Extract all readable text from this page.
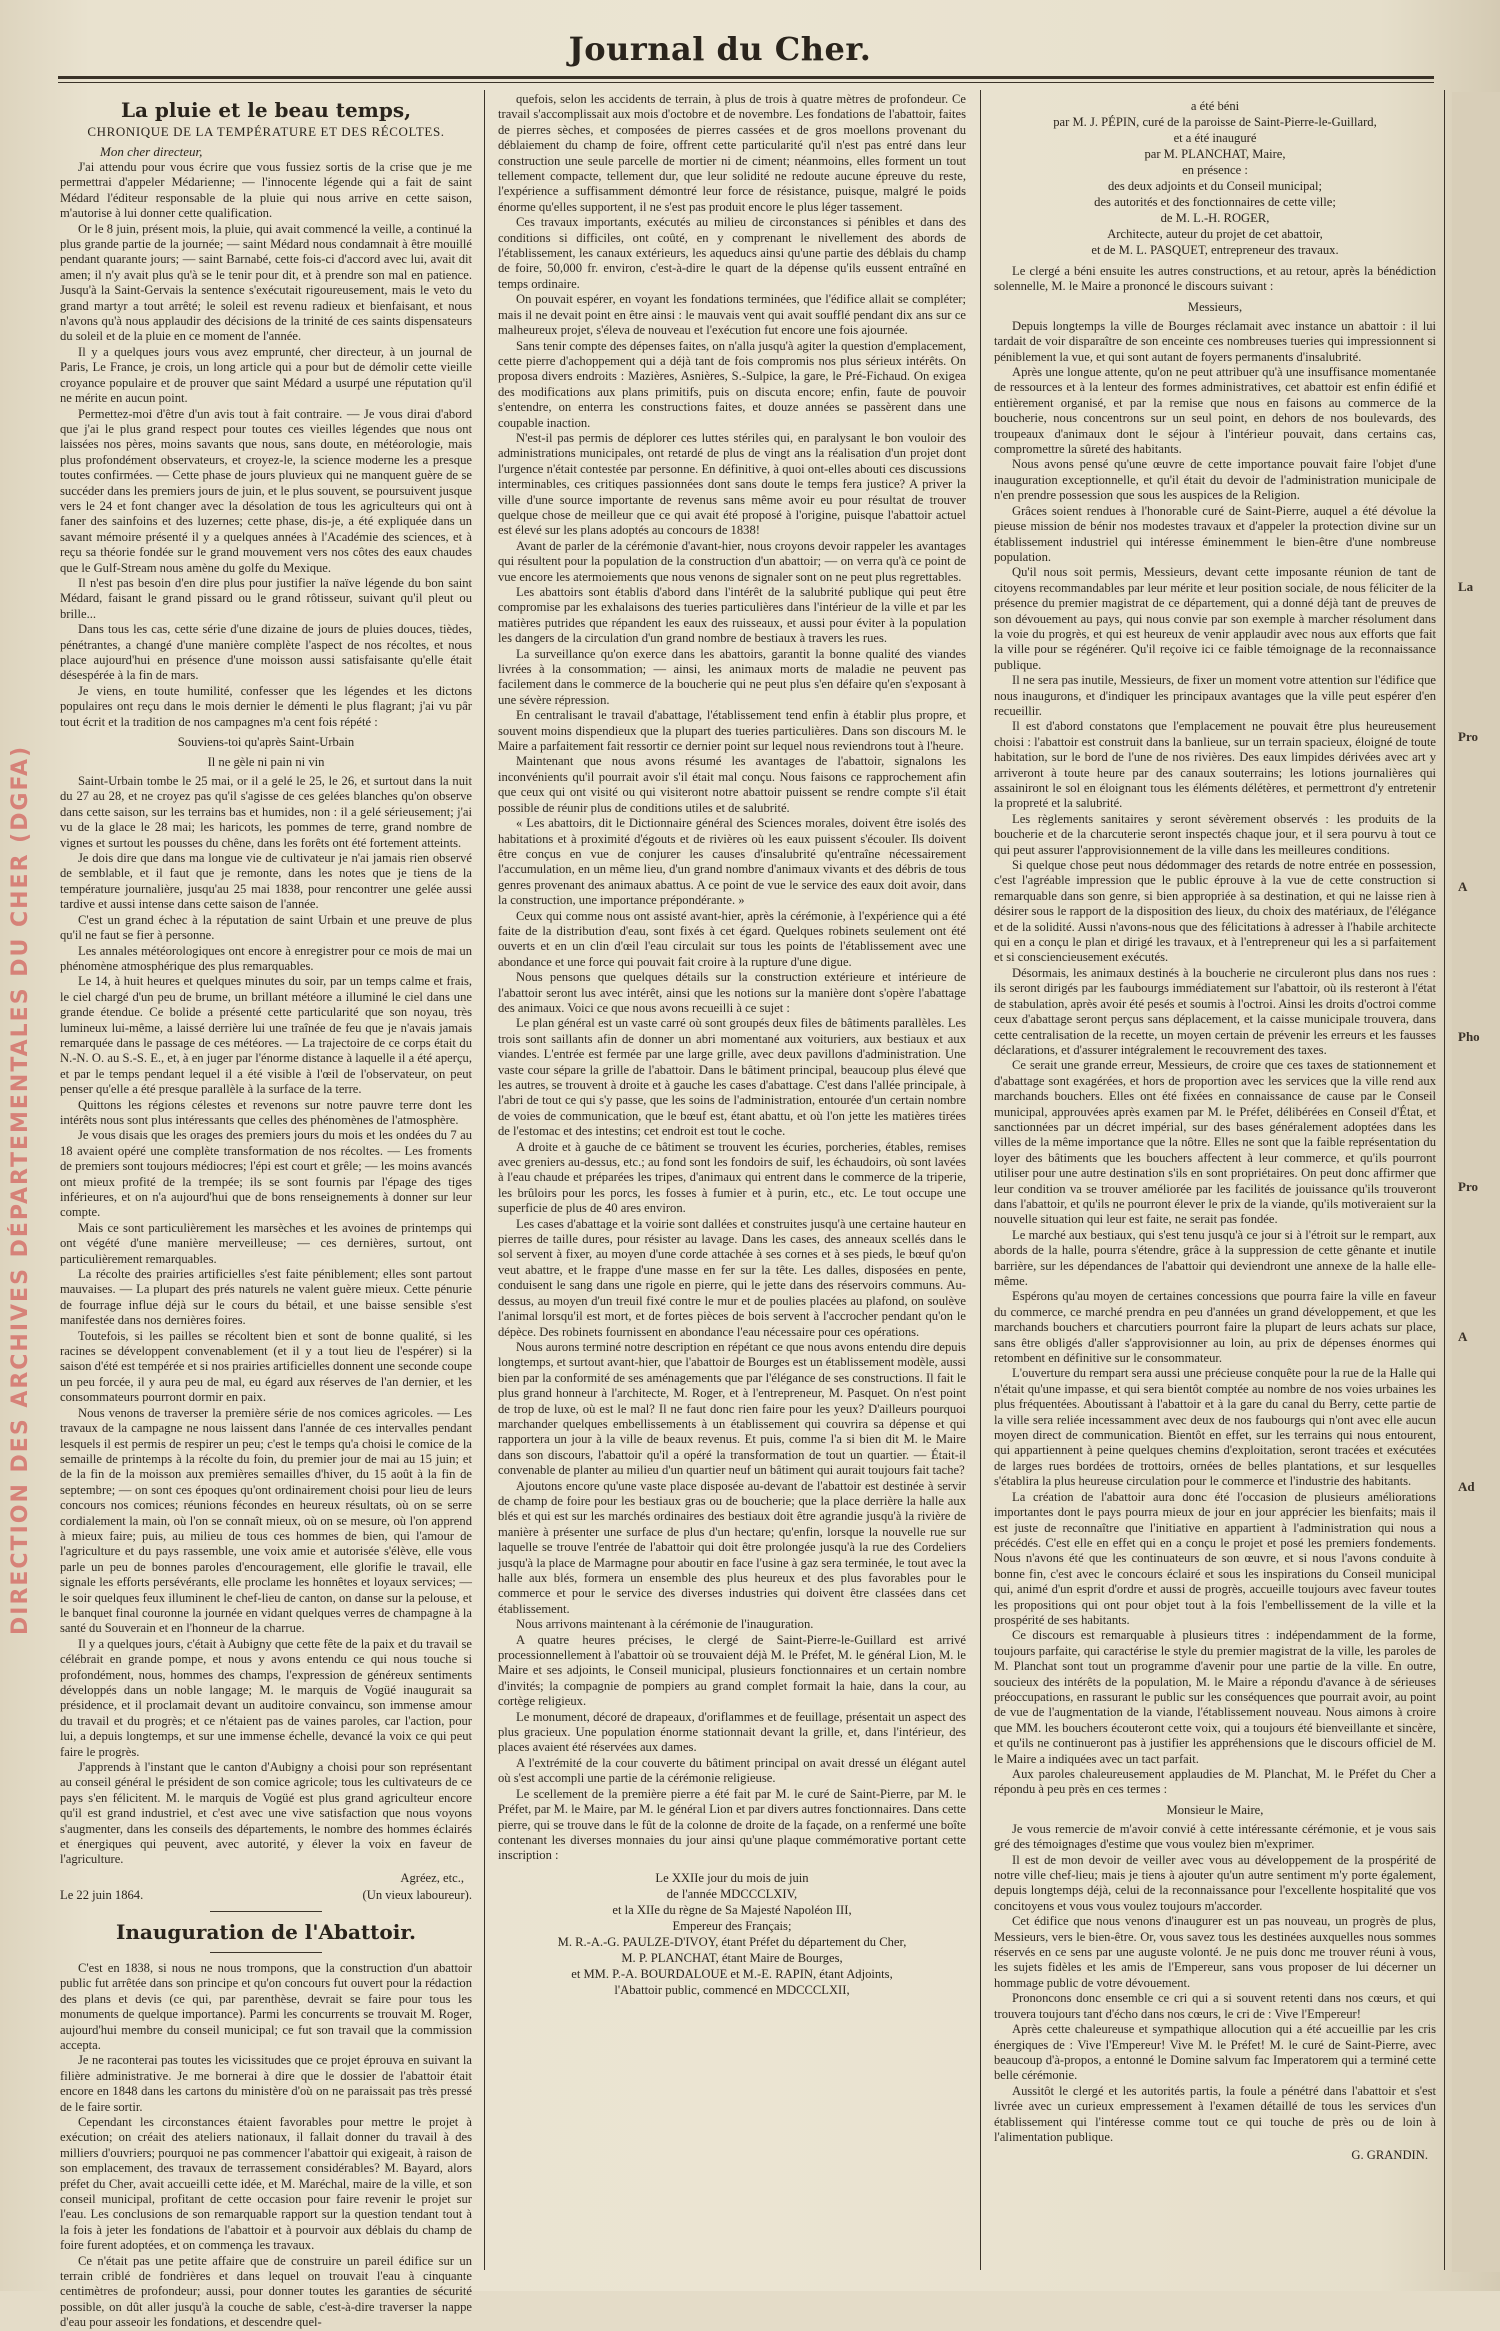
Journal du Cher.
DIRECTION DES ARCHIVES DÉPARTEMENTALES DU CHER (DGFA)
La pluie et le beau temps,
CHRONIQUE DE LA TEMPÉRATURE ET DES RÉCOLTES.
Mon cher directeur,

J'ai attendu pour vous écrire que vous fussiez sortis de la crise que je me permettrai d'appeler Médarienne; — l'innocente légende qui a fait de saint Médard l'éditeur responsable de la pluie qui nous arrive en cette saison, m'autorise à lui donner cette qualification.

Or le 8 juin, présent mois, la pluie, qui avait commencé la veille, a continué la plus grande partie de la journée; — saint Médard nous condamnait à être mouillé pendant quarante jours; — saint Barnabé, cette fois-ci d'accord avec lui, avait dit amen; il n'y avait plus qu'à se le tenir pour dit, et à prendre son mal en patience. Jusqu'à la Saint-Gervais la sentence s'exécutait rigoureusement, mais le veto du grand martyr a tout arrêté; le soleil est revenu radieux et bienfaisant, et nous n'avons qu'à nous applaudir des décisions de la trinité de ces saints dispensateurs du soleil et de la pluie en ce moment de l'année.

Il y a quelques jours vous avez emprunté, cher directeur, à un journal de Paris, Le France, je crois, un long article qui a pour but de démolir cette vieille croyance populaire et de prouver que saint Médard a usurpé une réputation qu'il ne mérite en aucun point.

Permettez-moi d'être d'un avis tout à fait contraire. — Je vous dirai d'abord que j'ai le plus grand respect pour toutes ces vieilles légendes que nous ont laissées nos pères, moins savants que nous, sans doute, en météorologie, mais plus profondément observateurs, et croyez-le, la science moderne les a presque toutes confirmées. — Cette phase de jours pluvieux qui ne manquent guère de se succéder dans les premiers jours de juin, et le plus souvent, se poursuivent jusque vers le 24 et font changer avec la désolation de tous les agriculteurs qui ont à faner des sainfoins et des luzernes; cette phase, dis-je, a été expliquée dans un savant mémoire présenté il y a quelques années à l'Académie des sciences, et à reçu sa théorie fondée sur le grand mouvement vers nos côtes des eaux chaudes que le Gulf-Stream nous amène du golfe du Mexique.

Il n'est pas besoin d'en dire plus pour justifier la naïve légende du bon saint Médard, faisant le grand pissard ou le grand rôtisseur, suivant qu'il pleut ou brille...

Dans tous les cas, cette série d'une dizaine de jours de pluies douces, tièdes, pénétrantes, a changé d'une manière complète l'aspect de nos récoltes, et nous place aujourd'hui en présence d'une moisson aussi satisfaisante qu'elle était désespérée à la fin de mars.

Je viens, en toute humilité, confesser que les légendes et les dictons populaires ont reçu dans le mois dernier le démenti le plus flagrant; j'ai vu pâr tout écrit et la tradition de nos campagnes m'a cent fois répété :

Souviens-toi qu'après Saint-Urbain
Il ne gèle ni pain ni vin

Saint-Urbain tombe le 25 mai, or il a gelé le 25, le 26, et surtout dans la nuit du 27 au 28, et ne croyez pas qu'il s'agisse de ces gelées blanches qu'on observe dans cette saison, sur les terrains bas et humides, non : il a gelé sérieusement; j'ai vu de la glace le 28 mai; les haricots, les pommes de terre, grand nombre de vignes et surtout les pousses du chêne, dans les forêts ont été fortement atteints.

Je dois dire que dans ma longue vie de cultivateur je n'ai jamais rien observé de semblable, et il faut que je remonte, dans les notes que je tiens de la température journalière, jusqu'au 25 mai 1838, pour rencontrer une gelée aussi tardive et aussi intense dans cette saison de l'année.

C'est un grand échec à la réputation de saint Urbain et une preuve de plus qu'il ne faut se fier à personne.

Les annales météorologiques ont encore à enregistrer pour ce mois de mai un phénomène atmosphérique des plus remarquables.

Le 14, à huit heures et quelques minutes du soir, par un temps calme et frais, le ciel chargé d'un peu de brume, un brillant météore a illuminé le ciel dans une grande étendue. Ce bolide a présenté cette particularité que son noyau, très lumineux lui-même, a laissé derrière lui une traînée de feu que je n'avais jamais remarquée dans le passage de ces météores. — La trajectoire de ce corps était du N.-N. O. au S.-S. E., et, à en juger par l'énorme distance à laquelle il a été aperçu, et par le temps pendant lequel il a été visible à l'œil de l'observateur, on peut penser qu'elle a été presque parallèle à la surface de la terre.

Quittons les régions célestes et revenons sur notre pauvre terre dont les intérêts nous sont plus intéressants que celles des phénomènes de l'atmosphère.

Je vous disais que les orages des premiers jours du mois et les ondées du 7 au 18 avaient opéré une complète transformation de nos récoltes. — Les froments de premiers sont toujours médiocres; l'épi est court et grêle; — les moins avancés ont mieux profité de la trempée; ils se sont fournis par l'épage des tiges inférieures, et on n'a aujourd'hui que de bons renseignements à donner sur leur compte.

Mais ce sont particulièrement les marsèches et les avoines de printemps qui ont végété d'une manière merveilleuse; — ces dernières, surtout, ont particulièrement remarquables.

La récolte des prairies artificielles s'est faite péniblement; elles sont partout mauvaises. — La plupart des prés naturels ne valent guère mieux. Cette pénurie de fourrage influe déjà sur le cours du bétail, et une baisse sensible s'est manifestée dans nos dernières foires.

Toutefois, si les pailles se récoltent bien et sont de bonne qualité, si les racines se développent convenablement (et il y a tout lieu de l'espérer) si la saison d'été est tempérée et si nos prairies artificielles donnent une seconde coupe un peu forcée, il y aura peu de mal, eu égard aux réserves de l'an dernier, et les consommateurs pourront dormir en paix.

Nous venons de traverser la première série de nos comices agricoles. — Les travaux de la campagne ne nous laissent dans l'année de ces intervalles pendant lesquels il est permis de respirer un peu; c'est le temps qu'a choisi le comice de la semaille de printemps à la récolte du foin, du premier jour de mai au 15 juin; et de la fin de la moisson aux premières semailles d'hiver, du 15 août à la fin de septembre; — on sont ces époques qu'ont ordinairement choisi pour lieu de leurs concours nos comices; réunions fécondes en heureux résultats, où on se serre cordialement la main, où l'on se connaît mieux, où on se mesure, où l'on apprend à mieux faire; puis, au milieu de tous ces hommes de bien, qui l'amour de l'agriculture et du pays rassemble, une voix amie et autorisée s'élève, elle vous parle un peu de bonnes paroles d'encouragement, elle glorifie le travail, elle signale les efforts persévérants, elle proclame les honnêtes et loyaux services; — le soir quelques feux illuminent le chef-lieu de canton, on danse sur la pelouse, et le banquet final couronne la journée en vidant quelques verres de champagne à la santé du Souverain et en l'honneur de la charrue.

Il y a quelques jours, c'était à Aubigny que cette fête de la paix et du travail se célébrait en grande pompe, et nous y avons entendu ce qui nous touche si profondément, nous, hommes des champs, l'expression de généreux sentiments développés dans un noble langage; M. le marquis de Vogüé inaugurait sa présidence, et il proclamait devant un auditoire convaincu, son immense amour du travail et du progrès; et ce n'étaient pas de vaines paroles, car l'action, pour lui, a depuis longtemps, et sur une immense échelle, devancé la voix ce qui peut faire le progrès.

J'apprends à l'instant que le canton d'Aubigny a choisi pour son représentant au conseil général le président de son comice agricole; tous les cultivateurs de ce pays s'en félicitent. M. le marquis de Vogüé est plus grand agriculteur encore qu'il est grand industriel, et c'est avec une vive satisfaction que nous voyons s'augmenter, dans les conseils des départements, le nombre des hommes éclairés et énergiques qui peuvent, avec autorité, y élever la voix en faveur de l'agriculture.

Agréez, etc.,
Le 22 juin 1864.	(Un vieux laboureur).
Inauguration de l'Abattoir.

C'est en 1838, si nous ne nous trompons, que la construction d'un abattoir public fut arrêtée dans son principe et qu'on concours fut ouvert pour la rédaction des plans et devis (ce qui, par parenthèse, devrait se faire pour tous les monuments de quelque importance). Parmi les concurrents se trouvait M. Roger, aujourd'hui membre du conseil municipal; ce fut son travail que la commission accepta.

Je ne raconterai pas toutes les vicissitudes que ce projet éprouva en suivant la filière administrative. Je me bornerai à dire que le dossier de l'abattoir était encore en 1848 dans les cartons du ministère d'où on ne paraissait pas très pressé de le faire sortir.

Cependant les circonstances étaient favorables pour mettre le projet à exécution; on créait des ateliers nationaux, il fallait donner du travail à des milliers d'ouvriers; pourquoi ne pas commencer l'abattoir qui exigeait, à raison de son emplacement, des travaux de terrassement considérables? M. Bayard, alors préfet du Cher, avait accueilli cette idée, et M. Maréchal, maire de la ville, et son conseil municipal, profitant de cette occasion pour faire revenir le projet sur l'eau. Les conclusions de son remarquable rapport sur la question tendant tout à la fois à jeter les fondations de l'abattoir et à pourvoir aux déblais du champ de foire furent adoptées, et on commença les travaux.

Ce n'était pas une petite affaire que de construire un pareil édifice sur un terrain criblé de fondrières et dans lequel on trouvait l'eau à cinquante centimètres de profondeur; aussi, pour donner toutes les garanties de sécurité possible, on dût aller jusqu'à la couche de sable, c'est-à-dire traverser la nappe d'eau pour asseoir les fondations, et descendre quel-

quefois, selon les accidents de terrain, à plus de trois à quatre mètres de profondeur. Ce travail s'accomplissait aux mois d'octobre et de novembre. Les fondations de l'abattoir, faites de pierres sèches, et composées de pierres cassées et de gros moellons provenant du déblaiement du champ de foire, offrent cette particularité qu'il n'est pas entré dans leur construction une seule parcelle de mortier ni de ciment; néanmoins, elles forment un tout tellement compacte, tellement dur, que leur solidité ne redoute aucune épreuve du reste, l'expérience a suffisamment démontré leur force de résistance, puisque, malgré le poids énorme qu'elles supportent, il ne s'est pas produit encore le plus léger tassement.

Ces travaux importants, exécutés au milieu de circonstances si pénibles et dans des conditions si difficiles, ont coûté, en y comprenant le nivellement des abords de l'établissement, les canaux extérieurs, les aqueducs ainsi qu'une partie des déblais du champ de foire, 50,000 fr. environ, c'est-à-dire le quart de la dépense qu'ils eussent entraîné en temps ordinaire.

On pouvait espérer, en voyant les fondations terminées, que l'édifice allait se compléter; mais il ne devait point en être ainsi : le mauvais vent qui avait soufflé pendant dix ans sur ce malheureux projet, s'éleva de nouveau et l'exécution fut encore une fois ajournée.

Sans tenir compte des dépenses faites, on n'alla jusqu'à agiter la question d'emplacement, cette pierre d'achoppement qui a déjà tant de fois compromis nos plus sérieux intérêts. On proposa divers endroits : Mazières, Asnières, S.-Sulpice, la gare, le Pré-Fichaud. On exigea des modifications aux plans primitifs, puis on discuta encore; enfin, faute de pouvoir s'entendre, on enterra les constructions faites, et douze années se passèrent dans une coupable inaction.

N'est-il pas permis de déplorer ces luttes stériles qui, en paralysant le bon vouloir des administrations municipales, ont retardé de plus de vingt ans la réalisation d'un projet dont l'urgence n'était contestée par personne. En définitive, à quoi ont-elles abouti ces discussions interminables, ces critiques passionnées dont sans doute le temps fera justice? A priver la ville d'une source importante de revenus sans même avoir eu pour résultat de trouver quelque chose de meilleur que ce qui avait été proposé à l'origine, puisque l'abattoir actuel est élevé sur les plans adoptés au concours de 1838!

Avant de parler de la cérémonie d'avant-hier, nous croyons devoir rappeler les avantages qui résultent pour la population de la construction d'un abattoir; — on verra qu'à ce point de vue encore les atermoiements que nous venons de signaler sont on ne peut plus regrettables.

Les abattoirs sont établis d'abord dans l'intérêt de la salubrité publique qui peut être compromise par les exhalaisons des tueries particulières dans l'intérieur de la ville et par les matières putrides que répandent les eaux des ruisseaux, et aussi pour éviter à la population les dangers de la circulation d'un grand nombre de bestiaux à travers les rues.

La surveillance qu'on exerce dans les abattoirs, garantit la bonne qualité des viandes livrées à la consommation; — ainsi, les animaux morts de maladie ne peuvent pas facilement dans le commerce de la boucherie qui ne peut plus s'en défaire qu'en s'exposant à une sévère répression.

En centralisant le travail d'abattage, l'établissement tend enfin à établir plus propre, et souvent moins dispendieux que la plupart des tueries particulières. Dans son discours M. le Maire a parfaitement fait ressortir ce dernier point sur lequel nous reviendrons tout à l'heure.

Maintenant que nous avons résumé les avantages de l'abattoir, signalons les inconvénients qu'il pourrait avoir s'il était mal conçu. Nous faisons ce rapprochement afin que ceux qui ont visité ou qui visiteront notre abattoir puissent se rendre compte s'il était possible de réunir plus de conditions utiles et de salubrité.

« Les abattoirs, dit le Dictionnaire général des Sciences morales, doivent être isolés des habitations et à proximité d'égouts et de rivières où les eaux puissent s'écouler. Ils doivent être conçus en vue de conjurer les causes d'insalubrité qu'entraîne nécessairement l'accumulation, en un même lieu, d'un grand nombre d'animaux vivants et des débris de tous genres provenant des animaux abattus. A ce point de vue le service des eaux doit avoir, dans la construction, une importance prépondérante. »

Ceux qui comme nous ont assisté avant-hier, après la cérémonie, à l'expérience qui a été faite de la distribution d'eau, sont fixés à cet égard. Quelques robinets seulement ont été ouverts et en un clin d'œil l'eau circulait sur tous les points de l'établissement avec une abondance et une force qui pouvait fait croire à la rupture d'une digue.

Nous pensons que quelques détails sur la construction extérieure et intérieure de l'abattoir seront lus avec intérêt, ainsi que les notions sur la manière dont s'opère l'abattage des animaux. Voici ce que nous avons recueilli à ce sujet :

Le plan général est un vaste carré où sont groupés deux files de bâtiments parallèles. Les trois sont saillants afin de donner un abri momentané aux voituriers, aux bestiaux et aux viandes. L'entrée est fermée par une large grille, avec deux pavillons d'administration. Une vaste cour sépare la grille de l'abattoir. Dans le bâtiment principal, beaucoup plus élevé que les autres, se trouvent à droite et à gauche les cases d'abattage. C'est dans l'allée principale, à l'abri de tout ce qui s'y passe, que les soins de l'administration, entourée d'un certain nombre de voies de communication, que le bœuf est, étant abattu, et où l'on jette les matières tirées de l'estomac et des intestins; cet endroit est tout le coche.

A droite et à gauche de ce bâtiment se trouvent les écuries, porcheries, étables, remises avec greniers au-dessus, etc.; au fond sont les fondoirs de suif, les échaudoirs, où sont lavées à l'eau chaude et préparées les tripes, d'animaux qui entrent dans le commerce de la triperie, les brûloirs pour les porcs, les fosses à fumier et à purin, etc., etc. Le tout occupe une superficie de plus de 40 ares environ.

Les cases d'abattage et la voirie sont dallées et construites jusqu'à une certaine hauteur en pierres de taille dures, pour résister au lavage. Dans les cases, des anneaux scellés dans le sol servent à fixer, au moyen d'une corde attachée à ses cornes et à ses pieds, le bœuf qu'on veut abattre, et le frappe d'une masse en fer sur la tête. Les dalles, disposées en pente, conduisent le sang dans une rigole en pierre, qui le jette dans des réservoirs communs. Au-dessus, au moyen d'un treuil fixé contre le mur et de poulies placées au plafond, on soulève l'animal lorsqu'il est mort, et de fortes pièces de bois servent à l'accrocher pendant qu'on le dépèce. Des robinets fournissent en abondance l'eau nécessaire pour ces opérations.

Nous aurons terminé notre description en répétant ce que nous avons entendu dire depuis longtemps, et surtout avant-hier, que l'abattoir de Bourges est un établissement modèle, aussi bien par la conformité de ses aménagements que par l'élégance de ses constructions. Il fait le plus grand honneur à l'architecte, M. Roger, et à l'entrepreneur, M. Pasquet. On n'est point de trop de luxe, où est le mal? Il ne faut donc rien faire pour les yeux? D'ailleurs pourquoi marchander quelques embellissements à un établissement qui couvrira sa dépense et qui rapportera un jour à la ville de beaux revenus. Et puis, comme l'a si bien dit M. le Maire dans son discours, l'abattoir qu'il a opéré la transformation de tout un quartier. — Était-il convenable de planter au milieu d'un quartier neuf un bâtiment qui aurait toujours fait tache?

Ajoutons encore qu'une vaste place disposée au-devant de l'abattoir est destinée à servir de champ de foire pour les bestiaux gras ou de boucherie; que la place derrière la halle aux blés et qui est sur les marchés ordinaires des bestiaux doit être agrandie jusqu'à la rivière de manière à présenter une surface de plus d'un hectare; qu'enfin, lorsque la nouvelle rue sur laquelle se trouve l'entrée de l'abattoir qui doit être prolongée jusqu'à la rue des Cordeliers jusqu'à la place de Marmagne pour aboutir en face l'usine à gaz sera terminée, le tout avec la halle aux blés, formera un ensemble des plus heureux et des plus favorables pour le commerce et pour le service des diverses industries qui doivent être classées dans cet établissement.

Nous arrivons maintenant à la cérémonie de l'inauguration.

A quatre heures précises, le clergé de Saint-Pierre-le-Guillard est arrivé processionnellement à l'abattoir où se trouvaient déjà M. le Préfet, M. le général Lion, M. le Maire et ses adjoints, le Conseil municipal, plusieurs fonctionnaires et un certain nombre d'invités; la compagnie de pompiers au grand complet formait la haie, dans la cour, au cortège religieux.

Le monument, décoré de drapeaux, d'oriflammes et de feuillage, présentait un aspect des plus gracieux. Une population énorme stationnait devant la grille, et, dans l'intérieur, des places avaient été réservées aux dames.

A l'extrémité de la cour couverte du bâtiment principal on avait dressé un élégant autel où s'est accompli une partie de la cérémonie religieuse.

Le scellement de la première pierre a été fait par M. le curé de Saint-Pierre, par M. le Préfet, par M. le Maire, par M. le général Lion et par divers autres fonctionnaires. Dans cette pierre, qui se trouve dans le fût de la colonne de droite de la façade, on a renfermé une boîte contenant les diverses monnaies du jour ainsi qu'une plaque commémorative portant cette inscription :

Le XXIIe jour du mois de juin
de l'année MDCCCLXIV,
et la XIIe du règne de Sa Majesté Napoléon III,
Empereur des Français;
M. R.-A.-G. PAULZE-D'IVOY, étant Préfet du département du Cher,
M. P. PLANCHAT, étant Maire de Bourges,
et MM. P.-A. BOURDALOUE et M.-E. RAPIN, étant Adjoints,
l'Abattoir public, commencé en MDCCCLXII,
a été béni
par M. J. PÉPIN, curé de la paroisse de Saint-Pierre-le-Guillard,
et a été inauguré
par M. PLANCHAT, Maire,
en présence :
des deux adjoints et du Conseil municipal;
des autorités et des fonctionnaires de cette ville;
de M. L.-H. ROGER,
Architecte, auteur du projet de cet abattoir,
et de M. L. PASQUET, entrepreneur des travaux.

Le clergé a béni ensuite les autres constructions, et au retour, après la bénédiction solennelle, M. le Maire a prononcé le discours suivant :

Messieurs,

Depuis longtemps la ville de Bourges réclamait avec instance un abattoir : il lui tardait de voir disparaître de son enceinte ces nombreuses tueries qui impressionnent si péniblement la vue, et qui sont autant de foyers permanents d'insalubrité.

Après une longue attente, qu'on ne peut attribuer qu'à une insuffisance momentanée de ressources et à la lenteur des formes administratives, cet abattoir est enfin édifié et entièrement organisé, et par la remise que nous en faisons au commerce de la boucherie, nous concentrons sur un seul point, en dehors de nos boulevards, des troupeaux d'animaux dont le séjour à l'intérieur pouvait, dans certains cas, compromettre la sûreté des habitants.

Nous avons pensé qu'une œuvre de cette importance pouvait faire l'objet d'une inauguration exceptionnelle, et qu'il était du devoir de l'administration municipale de n'en prendre possession que sous les auspices de la Religion.

Grâces soient rendues à l'honorable curé de Saint-Pierre, auquel a été dévolue la pieuse mission de bénir nos modestes travaux et d'appeler la protection divine sur un établissement industriel qui intéresse éminemment le bien-être d'une nombreuse population.

Qu'il nous soit permis, Messieurs, devant cette imposante réunion de tant de citoyens recommandables par leur mérite et leur position sociale, de nous féliciter de la présence du premier magistrat de ce département, qui a donné déjà tant de preuves de son dévouement au pays, qui nous convie par son exemple à marcher résolument dans la voie du progrès, et qui est heureux de venir applaudir avec nous aux efforts que fait la ville pour se régénérer. Qu'il reçoive ici ce faible témoignage de la reconnaissance publique.

Il ne sera pas inutile, Messieurs, de fixer un moment votre attention sur l'édifice que nous inaugurons, et d'indiquer les principaux avantages que la ville peut espérer d'en recueillir.

Il est d'abord constatons que l'emplacement ne pouvait être plus heureusement choisi : l'abattoir est construit dans la banlieue, sur un terrain spacieux, éloigné de toute habitation, sur le bord de l'une de nos rivières. Des eaux limpides dérivées avec art y arriveront à toute heure par des canaux souterrains; les lotions journalières qui assainiront le sol en éloignant tous les éléments délétères, et permettront d'y entretenir la propreté et la salubrité.

Les règlements sanitaires y seront sévèrement observés : les produits de la boucherie et de la charcuterie seront inspectés chaque jour, et il sera pourvu à tout ce qui peut assurer l'approvisionnement de la ville dans les meilleures conditions.

Si quelque chose peut nous dédommager des retards de notre entrée en possession, c'est l'agréable impression que le public éprouve à la vue de cette construction si remarquable dans son genre, si bien appropriée à sa destination, et qui ne laisse rien à désirer sous le rapport de la disposition des lieux, du choix des matériaux, de l'élégance et de la solidité. Aussi n'avons-nous que des félicitations à adresser à l'habile architecte qui en a conçu le plan et dirigé les travaux, et à l'entrepreneur qui les a si parfaitement et si consciencieusement exécutés.

Désormais, les animaux destinés à la boucherie ne circuleront plus dans nos rues : ils seront dirigés par les faubourgs immédiatement sur l'abattoir, où ils resteront à l'état de stabulation, après avoir été pesés et soumis à l'octroi. Ainsi les droits d'octroi comme ceux d'abattage seront perçus sans déplacement, et la caisse municipale trouvera, dans cette centralisation de la recette, un moyen certain de prévenir les erreurs et les fausses déclarations, et d'assurer intégralement le recouvrement des taxes.

Ce serait une grande erreur, Messieurs, de croire que ces taxes de stationnement et d'abattage sont exagérées, et hors de proportion avec les services que la ville rend aux marchands bouchers. Elles ont été fixées en connaissance de cause par le Conseil municipal, approuvées après examen par M. le Préfet, délibérées en Conseil d'État, et sanctionnées par un décret impérial, sur des bases généralement adoptées dans les villes de la même importance que la nôtre. Elles ne sont que la faible représentation du loyer des bâtiments que les bouchers affectent à leur commerce, et qu'ils pourront utiliser pour une autre destination s'ils en sont propriétaires. On peut donc affirmer que leur condition va se trouver améliorée par les facilités de jouissance qu'ils trouveront dans l'abattoir, et qu'ils ne pourront élever le prix de la viande, qu'ils motiveraient sur la nouvelle situation qui leur est faite, ne serait pas fondée.

Le marché aux bestiaux, qui s'est tenu jusqu'à ce jour si à l'étroit sur le rempart, aux abords de la halle, pourra s'étendre, grâce à la suppression de cette gênante et inutile barrière, sur les dépendances de l'abattoir qui deviendront une annexe de la halle elle-même.

Espérons qu'au moyen de certaines concessions que pourra faire la ville en faveur du commerce, ce marché prendra en peu d'années un grand développement, et que les marchands bouchers et charcutiers pourront faire la plupart de leurs achats sur place, sans être obligés d'aller s'approvisionner au loin, au prix de dépenses énormes qui retombent en définitive sur le consommateur.

L'ouverture du rempart sera aussi une précieuse conquête pour la rue de la Halle qui n'était qu'une impasse, et qui sera bientôt comptée au nombre de nos voies urbaines les plus fréquentées. Aboutissant à l'abattoir et à la gare du canal du Berry, cette partie de la ville sera reliée incessamment avec deux de nos faubourgs qui n'ont avec elle aucun moyen direct de communication. Bientôt en effet, sur les terrains qui nous entourent, qui appartiennent à peine quelques chemins d'exploitation, seront tracées et exécutées de larges rues bordées de trottoirs, ornées de belles plantations, et sur lesquelles s'établira la plus heureuse circulation pour le commerce et l'industrie des habitants.

La création de l'abattoir aura donc été l'occasion de plusieurs améliorations importantes dont le pays pourra mieux de jour en jour apprécier les bienfaits; mais il est juste de reconnaître que l'initiative en appartient à l'administration qui nous a précédés. C'est elle en effet qui en a conçu le projet et posé les premiers fondements. Nous n'avons été que les continuateurs de son œuvre, et si nous l'avons conduite à bonne fin, c'est avec le concours éclairé et sous les inspirations du Conseil municipal qui, animé d'un esprit d'ordre et aussi de progrès, accueille toujours avec faveur toutes les propositions qui ont pour objet tout à la fois l'embellissement de la ville et la prospérité de ses habitants.

Ce discours est remarquable à plusieurs titres : indépendamment de la forme, toujours parfaite, qui caractérise le style du premier magistrat de la ville, les paroles de M. Planchat sont tout un programme d'avenir pour une partie de la ville. En outre, soucieux des intérêts de la population, M. le Maire a répondu d'avance à de sérieuses préoccupations, en rassurant le public sur les conséquences que pourrait avoir, au point de vue de l'augmentation de la viande, l'établissement nouveau. Nous aimons à croire que MM. les bouchers écouteront cette voix, qui a toujours été bienveillante et sincère, et qu'ils ne continueront pas à justifier les appréhensions que le discours officiel de M. le Maire a indiquées avec un tact parfait.

Aux paroles chaleureusement applaudies de M. Planchat, M. le Préfet du Cher a répondu à peu près en ces termes :

Monsieur le Maire,

Je vous remercie de m'avoir convié à cette intéressante cérémonie, et je vous sais gré des témoignages d'estime que vous voulez bien m'exprimer.

Il est de mon devoir de veiller avec vous au développement de la prospérité de notre ville chef-lieu; mais je tiens à ajouter qu'un autre sentiment m'y porte également, depuis longtemps déjà, celui de la reconnaissance pour l'excellente hospitalité que vos concitoyens et vous vous voulez toujours m'accorder.

Cet édifice que nous venons d'inaugurer est un pas nouveau, un progrès de plus, Messieurs, vers le bien-être. Or, vous savez tous les destinées auxquelles nous sommes réservés en ce sens par une auguste volonté. Je ne puis donc me trouver réuni à vous, les sujets fidèles et les amis de l'Empereur, sans vous proposer de lui décerner un hommage public de votre dévouement.

Prononcons donc ensemble ce cri qui a si souvent retenti dans nos cœurs, et qui trouvera toujours tant d'écho dans nos cœurs, le cri de : Vive l'Empereur!

Après cette chaleureuse et sympathique allocution qui a été accueillie par les cris énergiques de : Vive l'Empereur! Vive M. le Préfet! M. le curé de Saint-Pierre, avec beaucoup d'à-propos, a entonné le Domine salvum fac Imperatorem qui a terminé cette belle cérémonie.

Aussitôt le clergé et les autorités partis, la foule a pénétré dans l'abattoir et s'est livrée avec un curieux empressement à l'examen détaillé de tous les services d'un établissement qui l'intéresse comme tout ce qui touche de près ou de loin à l'alimentation publique.

G. GRANDIN.
La
Pro
A
Pho
Pro
A
Ad
